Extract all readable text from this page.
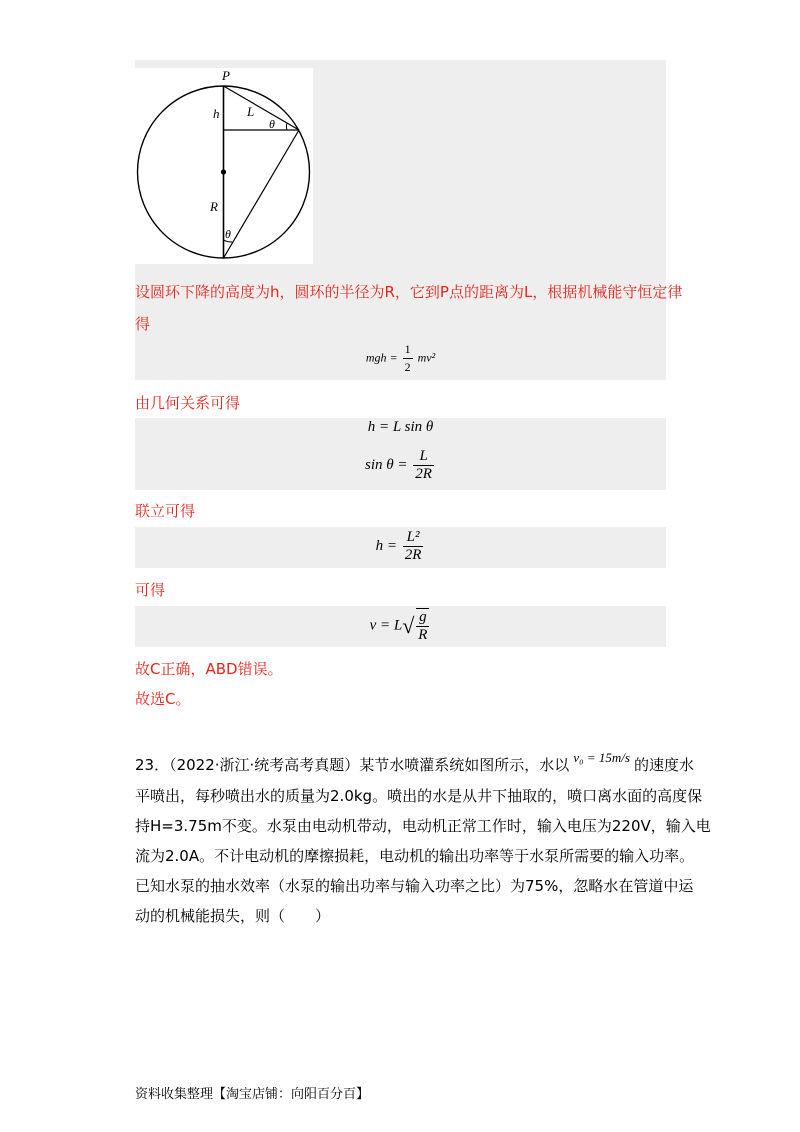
P
L
h
θ
R
θ
设圆环下降的高度为h，圆环的半径为R，它到P点的距离为L，根据机械能守恒定律
得
mgh = $\frac{1}{2} mv^2$
由几何关系可得
h = L sin θ
$\sin \theta = \frac{L}{2R}$
联立可得
$h = \frac{\text{L²}}{2R}$
可得
$v = L√ \frac{g}{R}$
故C正确，ABD错误。
故选C。
23．（2022·浙江·统考高考真题）某节水喷灌系统如图所示，水以 v₀ = 15m/s 的速度水
平喷出，每秒喷出水的质量为2.0kg。喷出的水是从井下抽取的，喷口离水面的高度保
持H=3.75m不变。水泵由电动机带动，电动机正常工作时，输入电压为220V，输入电
流为2.0A。不计电动机的摩擦损耗，电动机的输出功率等于水泵所需要的输入功率。
已知水泵的抽水效率（水泵的输出功率与输入功率之比）为75%，忽略水在管道中运
动的机械能损失，则（　　）
资料收集整理【淘宝店铺：向阳百分百】
